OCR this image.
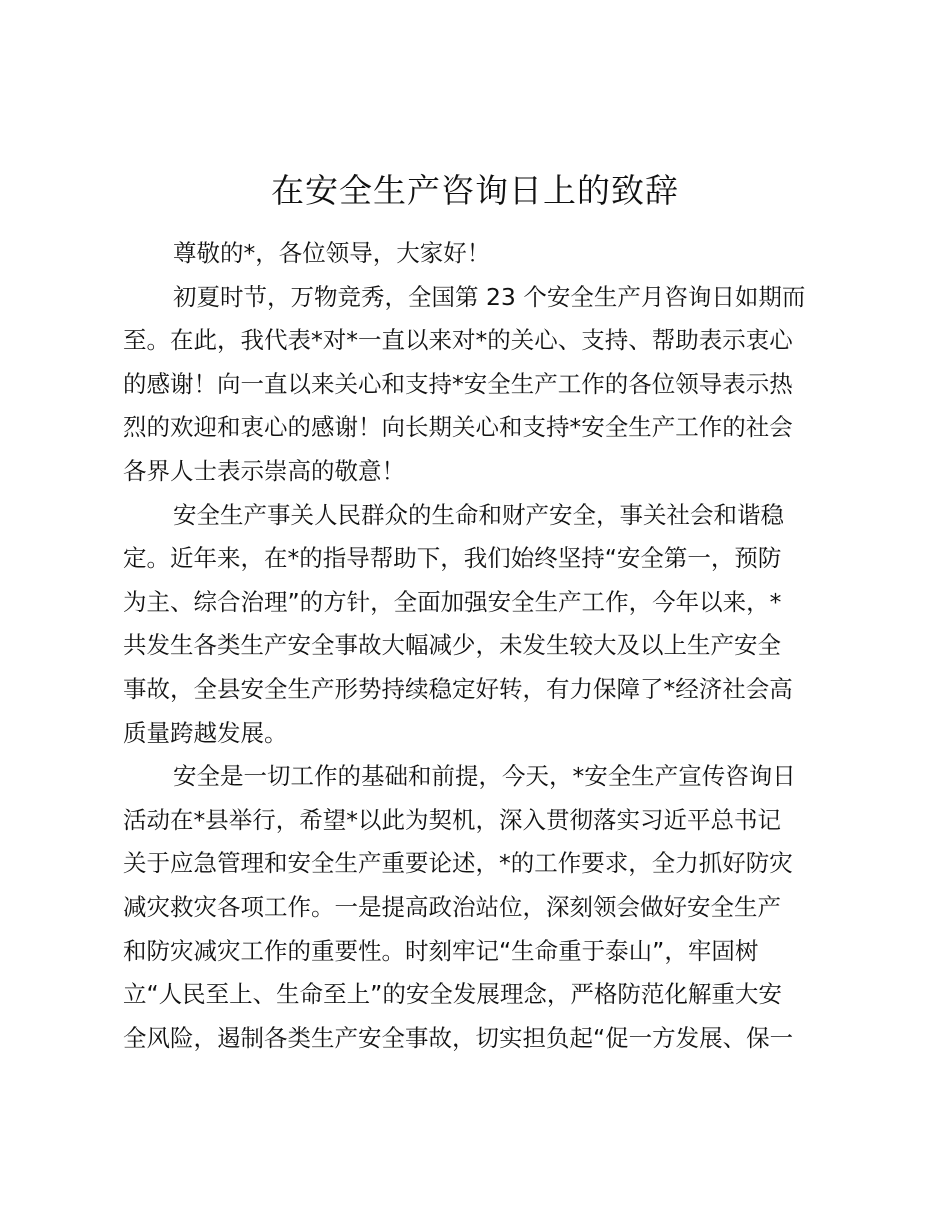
在安全生产咨询日上的致辞
尊敬的*，各位领导，大家好！
初夏时节，万物竞秀，全国第 23 个安全生产月咨询日如期而
至。在此，我代表*对*一直以来对*的关心、支持、帮助表示衷心
的感谢！向一直以来关心和支持*安全生产工作的各位领导表示热
烈的欢迎和衷心的感谢！向长期关心和支持*安全生产工作的社会
各界人士表示崇高的敬意！
安全生产事关人民群众的生命和财产安全，事关社会和谐稳
定。近年来，在*的指导帮助下，我们始终坚持“安全第一，预防
为主、综合治理”的方针，全面加强安全生产工作，今年以来，*
共发生各类生产安全事故大幅减少，未发生较大及以上生产安全
事故，全县安全生产形势持续稳定好转，有力保障了*经济社会高
质量跨越发展。
安全是一切工作的基础和前提，今天，*安全生产宣传咨询日
活动在*县举行，希望*以此为契机，深入贯彻落实习近平总书记
关于应急管理和安全生产重要论述，*的工作要求，全力抓好防灾
减灾救灾各项工作。一是提高政治站位，深刻领会做好安全生产
和防灾减灾工作的重要性。时刻牢记“生命重于泰山”，牢固树
立“人民至上、生命至上”的安全发展理念，严格防范化解重大安
全风险，遏制各类生产安全事故，切实担负起“促一方发展、保一
